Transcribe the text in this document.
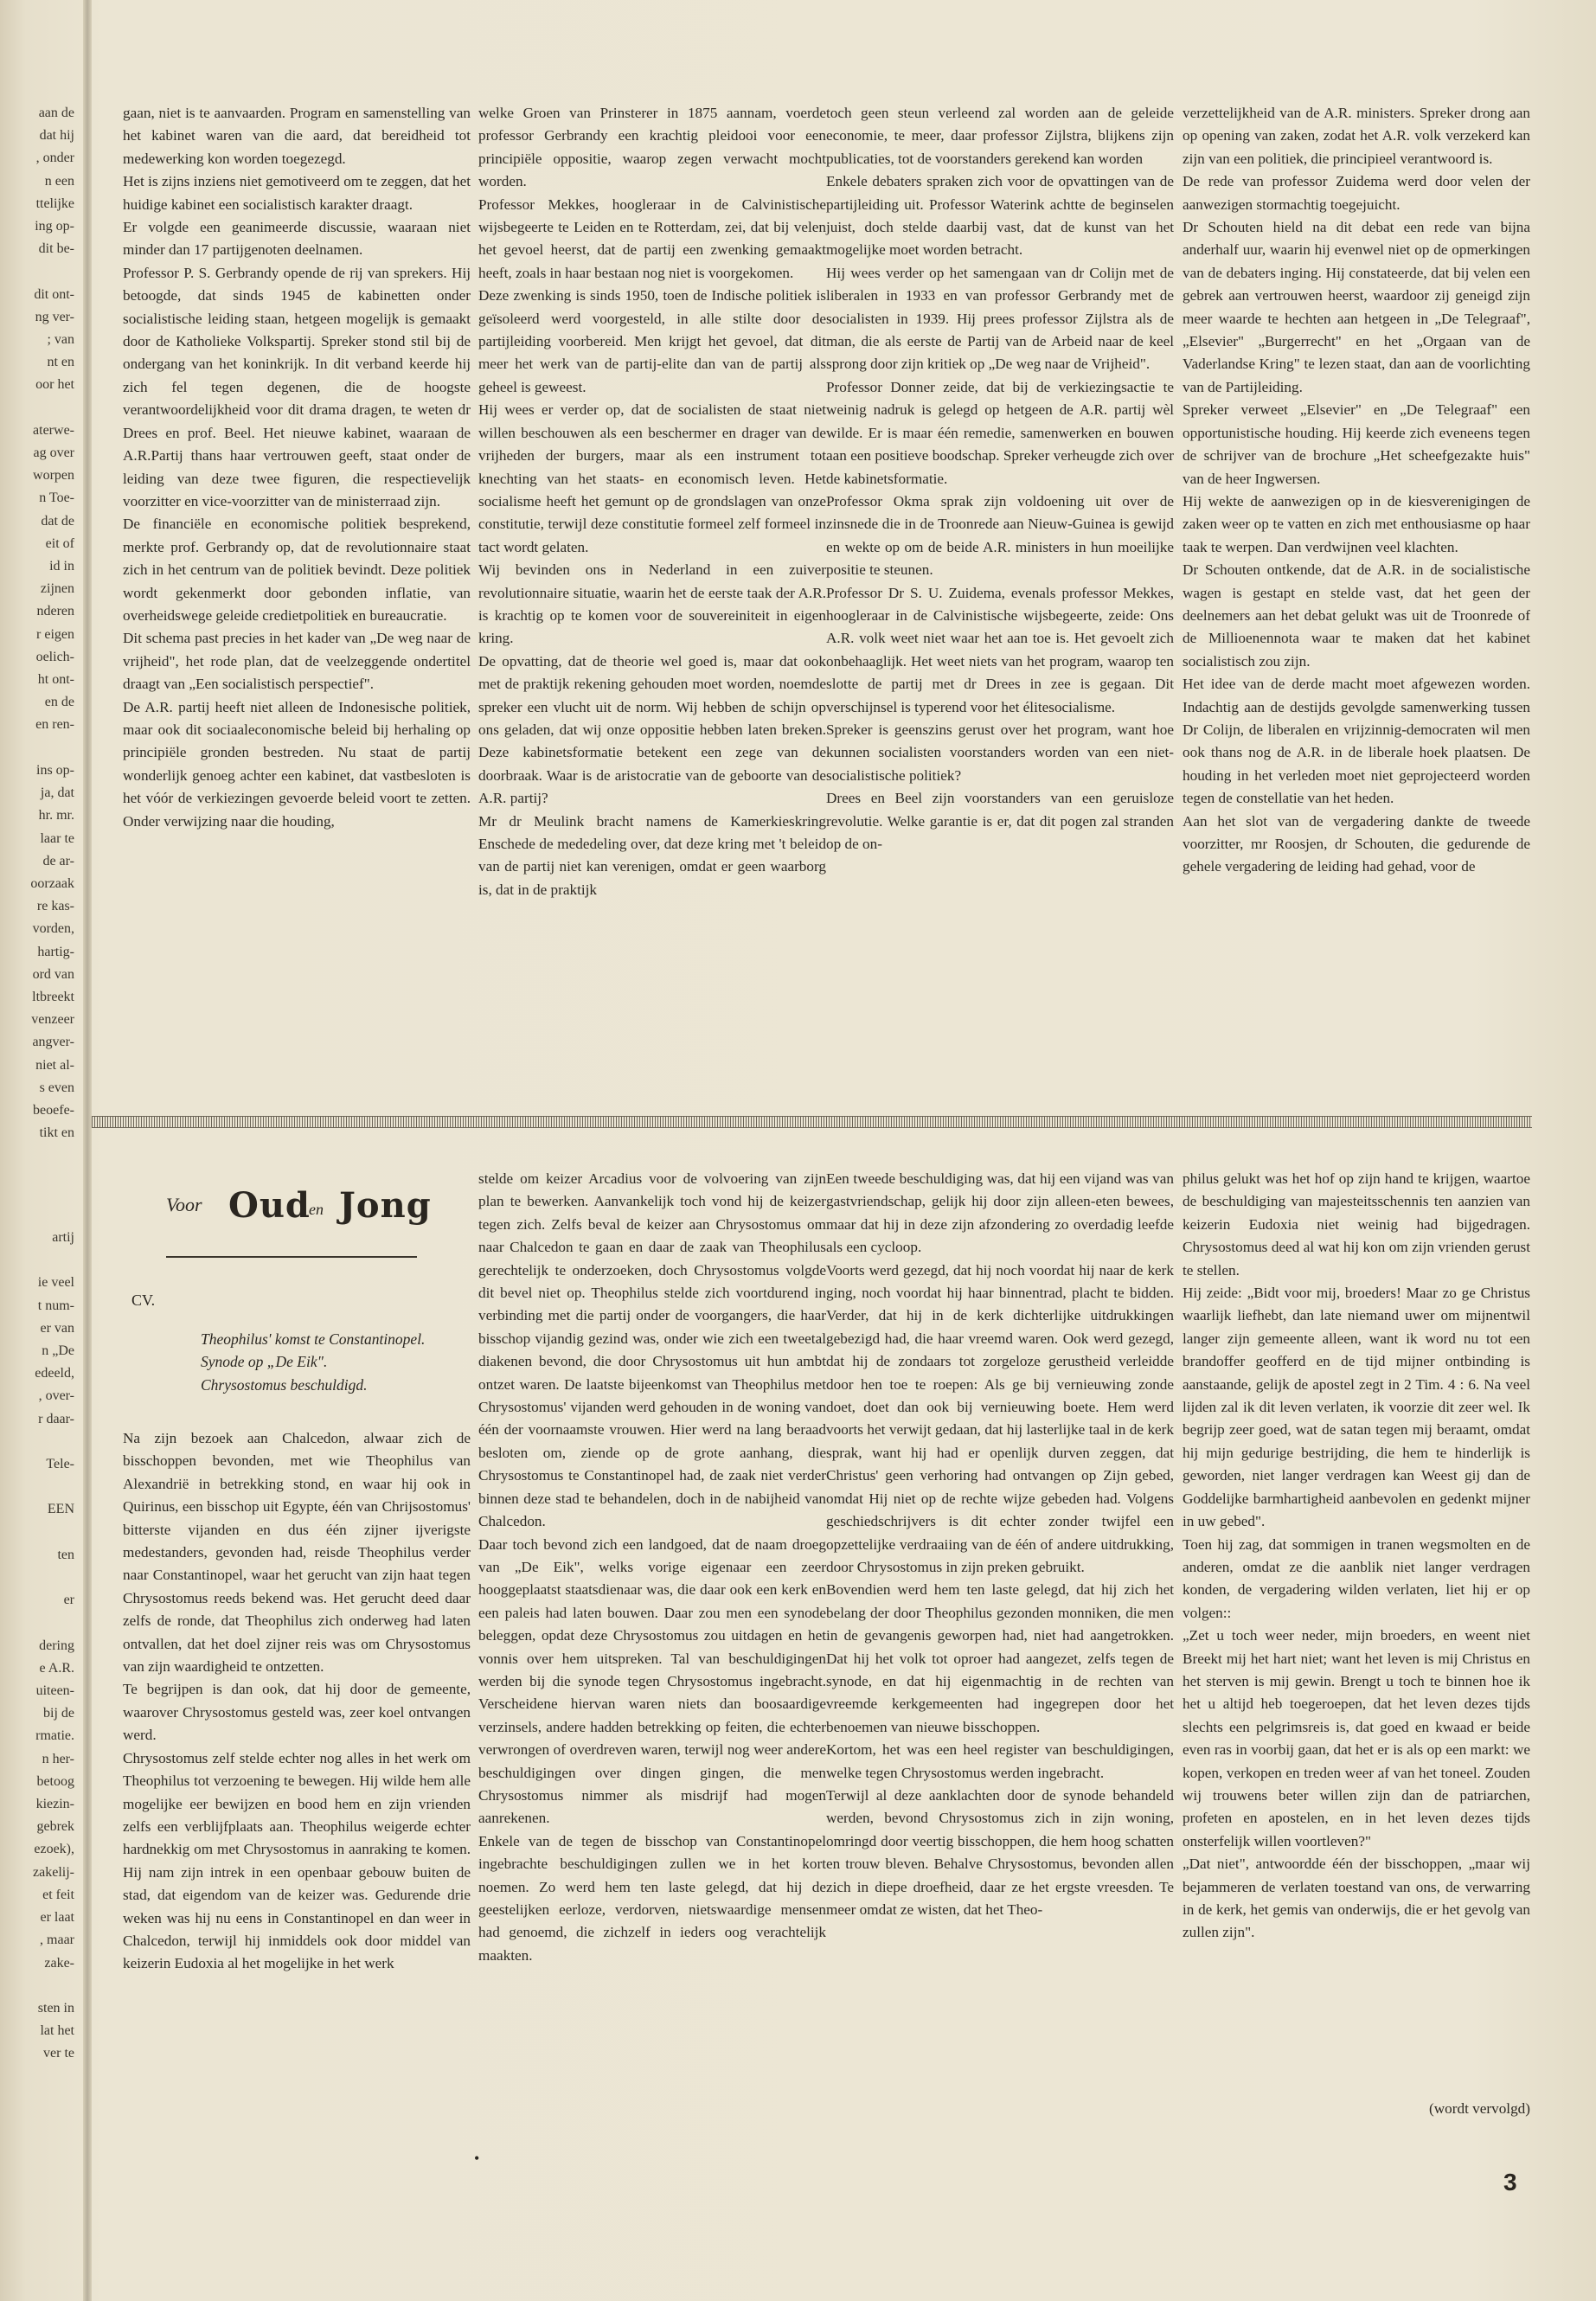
aan de
dat hij
, onder
n een
ttelijke
ing op-
dit be-

dit ont-
ng ver-
; van
nt en
oor het

aterwe-
ag over
worpen
n Toe-
dat de
eit of
id in
zijnen
nderen
r eigen
oelich-
ht ont-
en de
en ren-

ins op-
ja, dat
hr. mr.
laar te
de ar-
oorzaak
re kas-
vorden,
hartig-
ord van
ltbreekt
venzeer
angver-
niet al-
s even
beoefe-
tikt en
artij

ie veel
t num-
er van
n „De
edeeld,
, over-
r daar-

Tele-

EEN

ten

er

dering
e A.R.
uiteen-
bij de
rmatie.
n her-
betoog
kiezin-
gebrek
ezoek),
zakelij-
et feit
er laat
, maar
zake-

sten in
lat het
ver te

gaan, niet is te aanvaarden. Program en samenstelling van het kabinet waren van die aard, dat bereidheid tot medewerking kon worden toegezegd.

Het is zijns inziens niet gemotiveerd om te zeggen, dat het huidige kabinet een socialistisch karakter draagt.

Er volgde een geanimeerde discussie, waaraan niet minder dan 17 partijgenoten deelnamen.

Professor P. S. Gerbrandy opende de rij van sprekers. Hij betoogde, dat sinds 1945 de kabinetten onder socialistische leiding staan, hetgeen mogelijk is gemaakt door de Katholieke Volkspartij. Spreker stond stil bij de ondergang van het koninkrijk. In dit verband keerde hij zich fel tegen degenen, die de hoogste verantwoordelijkheid voor dit drama dragen, te weten dr Drees en prof. Beel. Het nieuwe kabinet, waaraan de A.R.Partij thans haar vertrouwen geeft, staat onder de leiding van deze twee figuren, die respectievelijk voorzitter en vice-voorzitter van de ministerraad zijn.

De financiële en economische politiek besprekend, merkte prof. Gerbrandy op, dat de revolutionnaire staat zich in het centrum van de politiek bevindt. Deze politiek wordt gekenmerkt door gebonden inflatie, van overheidswege geleide credietpolitiek en bureaucratie.

Dit schema past precies in het kader van „De weg naar de vrijheid", het rode plan, dat de veelzeggende ondertitel draagt van „Een socialistisch perspectief".

De A.R. partij heeft niet alleen de Indonesische politiek, maar ook dit sociaaleconomische beleid bij herhaling op principiële gronden bestreden. Nu staat de partij wonderlijk genoeg achter een kabinet, dat vastbesloten is het vóór de verkiezingen gevoerde beleid voort te zetten. Onder verwijzing naar die houding,

welke Groen van Prinsterer in 1875 aannam, voerde professor Gerbrandy een krachtig pleidooi voor een principiële oppositie, waarop zegen verwacht mocht worden.

Professor Mekkes, hoogleraar in de Calvinistische wijsbegeerte te Leiden en te Rotterdam, zei, dat bij velen het gevoel heerst, dat de partij een zwenking gemaakt heeft, zoals in haar bestaan nog niet is voorgekomen.

Deze zwenking is sinds 1950, toen de Indische politiek is geïsoleerd werd voorgesteld, in alle stilte door de partijleiding voorbereid. Men krijgt het gevoel, dat dit meer het werk van de partij-elite dan van de partij als geheel is geweest.

Hij wees er verder op, dat de socialisten de staat niet willen beschouwen als een beschermer en drager van de vrijheden der burgers, maar als een instrument tot knechting van het staats- en economisch leven. Het socialisme heeft het gemunt op de grondslagen van onze constitutie, terwijl deze constitutie formeel zelf formeel in tact wordt gelaten.

Wij bevinden ons in Nederland in een zuiver revolutionnaire situatie, waarin het de eerste taak der A.R. is krachtig op te komen voor de souvereiniteit in eigen kring.

De opvatting, dat de theorie wel goed is, maar dat ook met de praktijk rekening gehouden moet worden, noemde spreker een vlucht uit de norm. Wij hebben de schijn op ons geladen, dat wij onze oppositie hebben laten breken. Deze kabinetsformatie betekent een zege van de doorbraak. Waar is de aristocratie van de geboorte van de A.R. partij?

Mr dr Meulink bracht namens de Kamerkieskring Enschede de mededeling over, dat deze kring met 't beleid van de partij niet kan verenigen, omdat er geen waarborg is, dat in de praktijk

toch geen steun verleend zal worden aan de geleide economie, te meer, daar professor Zijlstra, blijkens zijn publicaties, tot de voorstanders gerekend kan worden

Enkele debaters spraken zich voor de opvattingen van de partijleiding uit. Professor Waterink achtte de beginselen juist, doch stelde daarbij vast, dat de kunst van het mogelijke moet worden betracht.

Hij wees verder op het samengaan van dr Colijn met de liberalen in 1933 en van professor Gerbrandy met de socialisten in 1939. Hij prees professor Zijlstra als de man, die als eerste de Partij van de Arbeid naar de keel sprong door zijn kritiek op „De weg naar de Vrijheid".

Professor Donner zeide, dat bij de verkiezingsactie te weinig nadruk is gelegd op hetgeen de A.R. partij wèl wilde. Er is maar één remedie, samenwerken en bouwen aan een positieve boodschap. Spreker verheugde zich over de kabinetsformatie.

Professor Okma sprak zijn voldoening uit over de zinsnede die in de Troonrede aan Nieuw-Guinea is gewijd en wekte op om de beide A.R. ministers in hun moeilijke positie te steunen.

Professor Dr S. U. Zuidema, evenals professor Mekkes, hoogleraar in de Calvinistische wijsbegeerte, zeide: Ons A.R. volk weet niet waar het aan toe is. Het gevoelt zich onbehaaglijk. Het weet niets van het program, waarop ten slotte de partij met dr Drees in zee is gegaan. Dit verschijnsel is typerend voor het élitesocialisme.

Spreker is geenszins gerust over het program, want hoe kunnen socialisten voorstanders worden van een niet-socialistische politiek?

Drees en Beel zijn voorstanders van een geruisloze revolutie. Welke garantie is er, dat dit pogen zal stranden op de on-

verzettelijkheid van de A.R. ministers. Spreker drong aan op opening van zaken, zodat het A.R. volk verzekerd kan zijn van een politiek, die principieel verantwoord is.

De rede van professor Zuidema werd door velen der aanwezigen stormachtig toegejuicht.

Dr Schouten hield na dit debat een rede van bijna anderhalf uur, waarin hij evenwel niet op de opmerkingen van de debaters inging. Hij constateerde, dat bij velen een gebrek aan vertrouwen heerst, waardoor zij geneigd zijn meer waarde te hechten aan hetgeen in „De Telegraaf", „Elsevier" „Burgerrecht" en het „Orgaan van de Vaderlandse Kring" te lezen staat, dan aan de voorlichting van de Partijleiding.

Spreker verweet „Elsevier" en „De Telegraaf" een opportunistische houding. Hij keerde zich eveneens tegen de schrijver van de brochure „Het scheefgezakte huis" van de heer Ingwersen.

Hij wekte de aanwezigen op in de kiesverenigingen de zaken weer op te vatten en zich met enthousiasme op haar taak te werpen. Dan verdwijnen veel klachten.

Dr Schouten ontkende, dat de A.R. in de socialistische wagen is gestapt en stelde vast, dat het geen der deelnemers aan het debat gelukt was uit de Troonrede of de Millioenennota waar te maken dat het kabinet socialistisch zou zijn.

Het idee van de derde macht moet afgewezen worden. Indachtig aan de destijds gevolgde samenwerking tussen Dr Colijn, de liberalen en vrijzinnig-democraten wil men ook thans nog de A.R. in de liberale hoek plaatsen. De houding in het verleden moet niet geprojecteerd worden tegen de constellatie van het heden.

Aan het slot van de vergadering dankte de tweede voorzitter, mr Roosjen, dr Schouten, die gedurende de gehele vergadering de leiding had gehad, voor de

Voor Oud
en Jong
CV.
Theophilus' komst te Constantinopel.
Synode op „De Eik".
Chrysostomus beschuldigd.

Na zijn bezoek aan Chalcedon, alwaar zich de bisschoppen bevonden, met wie Theophilus van Alexandrië in betrekking stond, en waar hij ook in Quirinus, een bisschop uit Egypte, één van Chrijsostomus' bitterste vijanden en dus één zijner ijverigste medestanders, gevonden had, reisde Theophilus verder naar Constantinopel, waar het gerucht van zijn haat tegen Chrysostomus reeds bekend was. Het gerucht deed daar zelfs de ronde, dat Theophilus zich onderweg had laten ontvallen, dat het doel zijner reis was om Chrysostomus van zijn waardigheid te ontzetten.

Te begrijpen is dan ook, dat hij door de gemeente, waarover Chrysostomus gesteld was, zeer koel ontvangen werd.

Chrysostomus zelf stelde echter nog alles in het werk om Theophilus tot verzoening te bewegen. Hij wilde hem alle mogelijke eer bewijzen en bood hem en zijn vrienden zelfs een verblijfplaats aan. Theophilus weigerde echter hardnekkig om met Chrysostomus in aanraking te komen. Hij nam zijn intrek in een openbaar gebouw buiten de stad, dat eigendom van de keizer was. Gedurende drie weken was hij nu eens in Constantinopel en dan weer in Chalcedon, terwijl hij inmiddels ook door middel van keizerin Eudoxia al het mogelijke in het werk

stelde om keizer Arcadius voor de volvoering van zijn plan te bewerken. Aanvankelijk toch vond hij de keizer tegen zich. Zelfs beval de keizer aan Chrysostomus om naar Chalcedon te gaan en daar de zaak van Theophilus gerechtelijk te onderzoeken, doch Chrysostomus volgde dit bevel niet op. Theophilus stelde zich voortdurend in verbinding met die partij onder de voorgangers, die haar bisschop vijandig gezind was, onder wie zich een tweetal diakenen bevond, die door Chrysostomus uit hun ambt ontzet waren. De laatste bijeenkomst van Theophilus met Chrysostomus' vijanden werd gehouden in de woning van één der voornaamste vrouwen. Hier werd na lang beraad besloten om, ziende op de grote aanhang, die Chrysostomus te Constantinopel had, de zaak niet verder binnen deze stad te behandelen, doch in de nabijheid van Chalcedon.

Daar toch bevond zich een landgoed, dat de naam droeg van „De Eik", welks vorige eigenaar een zeer hooggeplaatst staatsdienaar was, die daar ook een kerk en een paleis had laten bouwen. Daar zou men een synode beleggen, opdat deze Chrysostomus zou uitdagen en het vonnis over hem uitspreken. Tal van beschuldigingen werden bij die synode tegen Chrysostomus ingebracht. Verscheidene hiervan waren niets dan boosaardige verzinsels, andere hadden betrekking op feiten, die echter verwrongen of overdreven waren, terwijl nog weer andere beschuldigingen over dingen gingen, die men Chrysostomus nimmer als misdrijf had mogen aanrekenen.

Enkele van de tegen de bisschop van Constantinopel ingebrachte beschuldigingen zullen we in het kort noemen. Zo werd hem ten laste gelegd, dat hij de geestelijken eerloze, verdorven, nietswaardige mensen had genoemd, die zichzelf in ieders oog verachtelijk maakten.

Een tweede beschuldiging was, dat hij een vijand was van gastvriendschap, gelijk hij door zijn alleen-eten bewees, maar dat hij in deze zijn afzondering zo overdadig leefde als een cycloop.

Voorts werd gezegd, dat hij noch voordat hij naar de kerk ging, noch voordat hij haar binnentrad, placht te bidden. Verder, dat hij in de kerk dichterlijke uitdrukkingen gebezigd had, die haar vreemd waren. Ook werd gezegd, dat hij de zondaars tot zorgeloze gerustheid verleidde door hen toe te roepen: Als ge bij vernieuwing zonde doet, doet dan ook bij vernieuwing boete. Hem werd voorts het verwijt gedaan, dat hij lasterlijke taal in de kerk sprak, want hij had er openlijk durven zeggen, dat Christus' geen verhoring had ontvangen op Zijn gebed, omdat Hij niet op de rechte wijze gebeden had. Volgens geschiedschrijvers is dit echter zonder twijfel een opzettelijke verdraaiing van de één of andere uitdrukking, door Chrysostomus in zijn preken gebruikt.

Bovendien werd hem ten laste gelegd, dat hij zich het belang der door Theophilus gezonden monniken, die men in de gevangenis geworpen had, niet had aangetrokken. Dat hij het volk tot oproer had aangezet, zelfs tegen de synode, en dat hij eigenmachtig in de rechten van vreemde kerkgemeenten had ingegrepen door het benoemen van nieuwe bisschoppen.

Kortom, het was een heel register van beschuldigingen, welke tegen Chrysostomus werden ingebracht.

Terwijl al deze aanklachten door de synode behandeld werden, bevond Chrysostomus zich in zijn woning, omringd door veertig bisschoppen, die hem hoog schatten en trouw bleven. Behalve Chrysostomus, bevonden allen zich in diepe droefheid, daar ze het ergste vreesden. Te meer omdat ze wisten, dat het Theo-

philus gelukt was het hof op zijn hand te krijgen, waartoe de beschuldiging van majesteitsschennis ten aanzien van keizerin Eudoxia niet weinig had bijgedragen. Chrysostomus deed al wat hij kon om zijn vrienden gerust te stellen.

Hij zeide: „Bidt voor mij, broeders! Maar zo ge Christus waarlijk liefhebt, dan late niemand uwer om mijnentwil langer zijn gemeente alleen, want ik word nu tot een brandoffer geofferd en de tijd mijner ontbinding is aanstaande, gelijk de apostel zegt in 2 Tim. 4 : 6. Na veel lijden zal ik dit leven verlaten, ik voorzie dit zeer wel. Ik begrijp zeer goed, wat de satan tegen mij beraamt, omdat hij mijn gedurige bestrijding, die hem te hinderlijk is geworden, niet langer verdragen kan Weest gij dan de Goddelijke barmhartigheid aanbevolen en gedenkt mijner in uw gebed".

Toen hij zag, dat sommigen in tranen wegsmolten en de anderen, omdat ze die aanblik niet langer verdragen konden, de vergadering wilden verlaten, liet hij er op volgen::

„Zet u toch weer neder, mijn broeders, en weent niet Breekt mij het hart niet; want het leven is mij Christus en het sterven is mij gewin. Brengt u toch te binnen hoe ik het u altijd heb toegeroepen, dat het leven dezes tijds slechts een pelgrimsreis is, dat goed en kwaad er beide even ras in voorbij gaan, dat het er is als op een markt: we kopen, verkopen en treden weer af van het toneel. Zouden wij trouwens beter willen zijn dan de patriarchen, profeten en apostelen, en in het leven dezes tijds onsterfelijk willen voortleven?"

„Dat niet", antwoordde één der bisschoppen, „maar wij bejammeren de verlaten toestand van ons, de verwarring in de kerk, het gemis van onderwijs, die er het gevolg van zullen zijn".

(wordt vervolgd)
•
3
